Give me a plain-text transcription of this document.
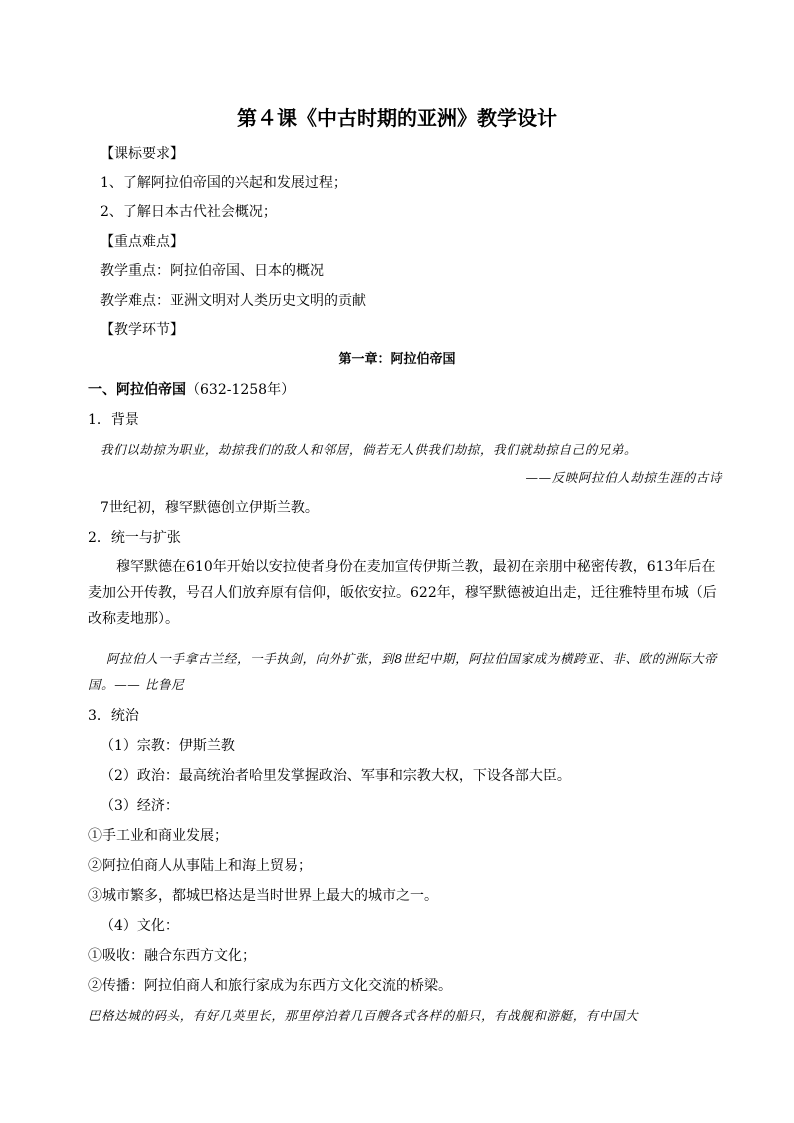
第４课《中古时期的亚洲》教学设计
【课标要求】
1、了解阿拉伯帝国的兴起和发展过程；
2、了解日本古代社会概况；
【重点难点】
教学重点：阿拉伯帝国、日本的概况
教学难点：亚洲文明对人类历史文明的贡献
【教学环节】
第一章：阿拉伯帝国
一、阿拉伯帝国（632-1258年）
1．背景
我们以劫掠为职业，劫掠我们的敌人和邻居，倘若无人供我们劫掠，我们就劫掠自己的兄弟。
——反映阿拉伯人劫掠生涯的古诗
7世纪初，穆罕默德创立伊斯兰教。
2．统一与扩张
穆罕默德在610年开始以安拉使者身份在麦加宣传伊斯兰教，最初在亲朋中秘密传教，613年后在麦加公开传教，号召人们放弃原有信仰，皈依安拉。622年，穆罕默德被迫出走，迁往雅特里布城（后改称麦地那）。
阿拉伯人一手拿古兰经，一手执剑，向外扩张，到8世纪中期，阿拉伯国家成为横跨亚、非、欧的洲际大帝国。—— 比鲁尼
3．统治
（1）宗教：伊斯兰教
（2）政治：最高统治者哈里发掌握政治、军事和宗教大权，下设各部大臣。
（3）经济：
①手工业和商业发展；
②阿拉伯商人从事陆上和海上贸易；
③城市繁多，都城巴格达是当时世界上最大的城市之一。
（4）文化：
①吸收：融合东西方文化；
②传播：阿拉伯商人和旅行家成为东西方文化交流的桥梁。
巴格达城的码头，有好几英里长，那里停泊着几百艘各式各样的船只，有战舰和游艇，有中国大
